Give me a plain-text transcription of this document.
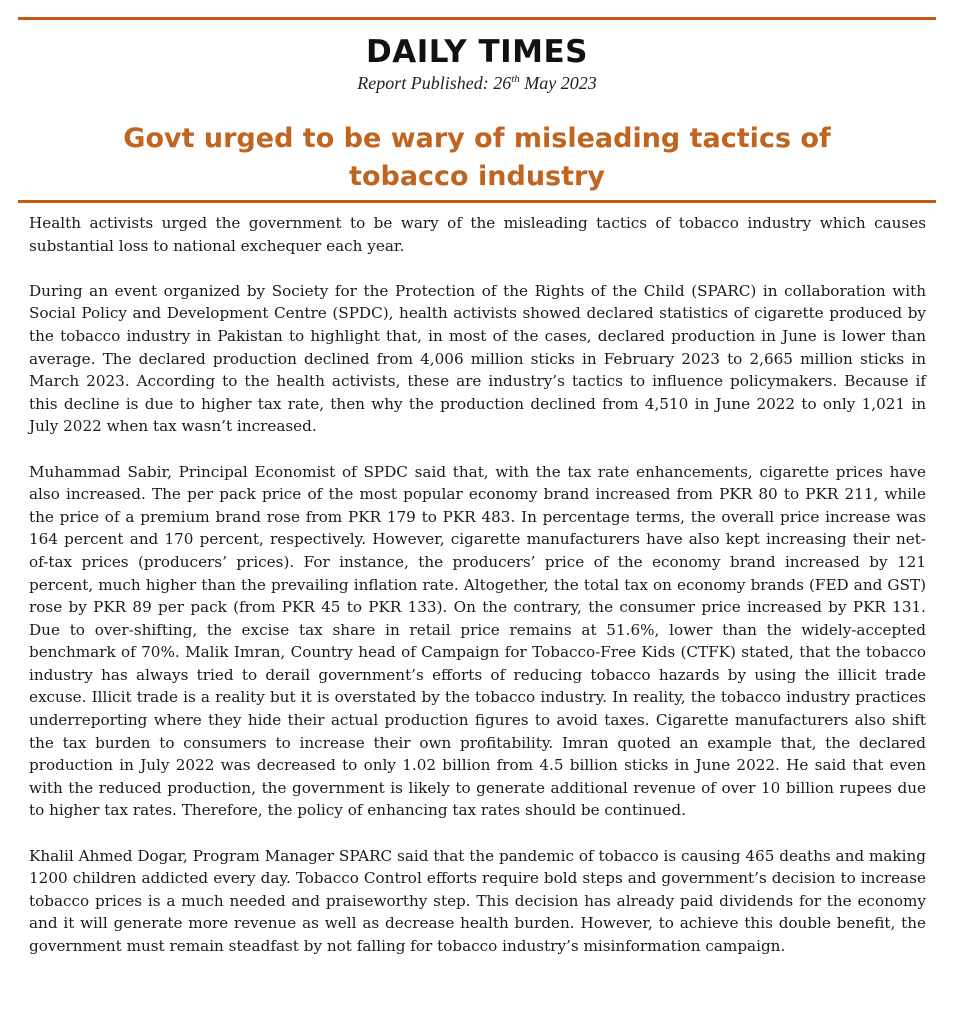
DAILY TIMES
Report Published: 26th May 2023
Govt urged to be wary of misleading tactics of tobacco industry

Health activists urged the government to be wary of the misleading tactics of tobacco industry which causes substantial loss to national exchequer each year.

During an event organized by Society for the Protection of the Rights of the Child (SPARC) in collaboration with Social Policy and Development Centre (SPDC), health activists showed declared statistics of cigarette produced by the tobacco industry in Pakistan to highlight that, in most of the cases, declared production in June is lower than average. The declared production declined from 4,006 million sticks in February 2023 to 2,665 million sticks in March 2023. According to the health activists, these are industry’s tactics to influence policymakers. Because if this decline is due to higher tax rate, then why the production declined from 4,510 in June 2022 to only 1,021 in July 2022 when tax wasn’t increased.

Muhammad Sabir, Principal Economist of SPDC said that, with the tax rate enhancements, cigarette prices have also increased. The per pack price of the most popular economy brand increased from PKR 80 to PKR 211, while the price of a premium brand rose from PKR 179 to PKR 483. In percentage terms, the overall price increase was 164 percent and 170 percent, respectively. However, cigarette manufacturers have also kept increasing their net-of-tax prices (producers’ prices). For instance, the producers’ price of the economy brand increased by 121 percent, much higher than the prevailing inflation rate. Altogether, the total tax on economy brands (FED and GST) rose by PKR 89 per pack (from PKR 45 to PKR 133). On the contrary, the consumer price increased by PKR 131. Due to over-shifting, the excise tax share in retail price remains at 51.6%, lower than the widely-accepted benchmark of 70%. Malik Imran, Country head of Campaign for Tobacco-Free Kids (CTFK) stated, that the tobacco industry has always tried to derail government’s efforts of reducing tobacco hazards by using the illicit trade excuse. Illicit trade is a reality but it is overstated by the tobacco industry. In reality, the tobacco industry practices underreporting where they hide their actual production figures to avoid taxes. Cigarette manufacturers also shift the tax burden to consumers to increase their own profitability. Imran quoted an example that, the declared production in July 2022 was decreased to only 1.02 billion from 4.5 billion sticks in June 2022. He said that even with the reduced production, the government is likely to generate additional revenue of over 10 billion rupees due to higher tax rates. Therefore, the policy of enhancing tax rates should be continued.

Khalil Ahmed Dogar, Program Manager SPARC said that the pandemic of tobacco is causing 465 deaths and making 1200 children addicted every day. Tobacco Control efforts require bold steps and government’s decision to increase tobacco prices is a much needed and praiseworthy step. This decision has already paid dividends for the economy and it will generate more revenue as well as decrease health burden. However, to achieve this double benefit, the government must remain steadfast by not falling for tobacco industry’s misinformation campaign.
